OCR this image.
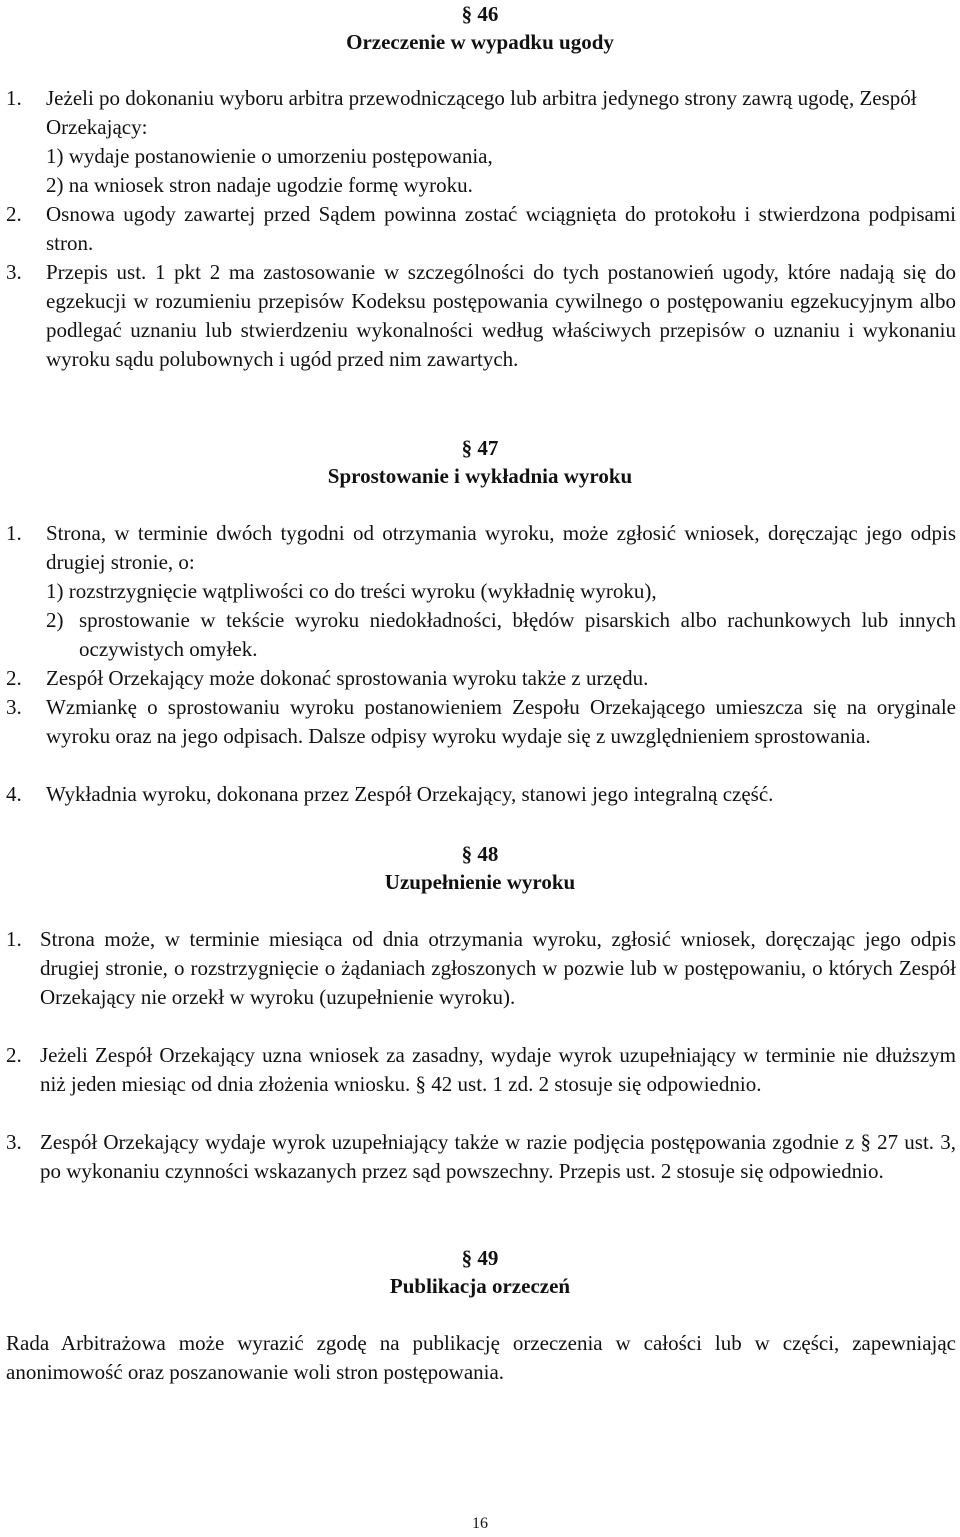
§ 46
Orzeczenie w wypadku ugody
1. Jeżeli po dokonaniu wyboru arbitra przewodniczącego lub arbitra jedynego strony zawrą ugodę, Zespół Orzekający:
1) wydaje postanowienie o umorzeniu postępowania,
2) na wniosek stron nadaje ugodzie formę wyroku.
2. Osnowa ugody zawartej przed Sądem powinna zostać wciągnięta do protokołu i stwierdzona podpisami stron.
3. Przepis ust. 1 pkt 2 ma zastosowanie w szczególności do tych postanowień ugody, które nadają się do egzekucji w rozumieniu przepisów Kodeksu postępowania cywilnego o postępowaniu egzekucyjnym albo podlegać uznaniu lub stwierdzeniu wykonalności według właściwych przepisów o uznaniu i wykonaniu wyroku sądu polubownych i ugód przed nim zawartych.
§ 47
Sprostowanie i wykładnia wyroku
1. Strona, w terminie dwóch tygodni od otrzymania wyroku, może zgłosić wniosek, doręczając jego odpis drugiej stronie, o:
1) rozstrzygnięcie wątpliwości co do treści wyroku (wykładnię wyroku),
2) sprostowanie w tekście wyroku niedokładności, błędów pisarskich albo rachunkowych lub innych oczywistych omyłek.
2. Zespół Orzekający może dokonać sprostowania wyroku także z urzędu.
3. Wzmiankę o sprostowaniu wyroku postanowieniem Zespołu Orzekającego umieszcza się na oryginale wyroku oraz na jego odpisach. Dalsze odpisy wyroku wydaje się z uwzględnieniem sprostowania.
4. Wykładnia wyroku, dokonana przez Zespół Orzekający, stanowi jego integralną część.
§ 48
Uzupełnienie wyroku
1. Strona może, w terminie miesiąca od dnia otrzymania wyroku, zgłosić wniosek, doręczając jego odpis drugiej stronie, o rozstrzygnięcie o żądaniach zgłoszonych w pozwie lub w postępowaniu, o których Zespół Orzekający nie orzekł w wyroku (uzupełnienie wyroku).
2. Jeżeli Zespół Orzekający uzna wniosek za zasadny, wydaje wyrok uzupełniający w terminie nie dłuższym niż jeden miesiąc od dnia złożenia wniosku. § 42 ust. 1 zd. 2 stosuje się odpowiednio.
3. Zespół Orzekający wydaje wyrok uzupełniający także w razie podjęcia postępowania zgodnie z § 27 ust. 3, po wykonaniu czynności wskazanych przez sąd powszechny. Przepis ust. 2 stosuje się odpowiednio.
§ 49
Publikacja orzeczeń
Rada Arbitrażowa może wyrazić zgodę na publikację orzeczenia w całości lub w części, zapewniając anonimowość oraz poszanowanie woli stron postępowania.
16
